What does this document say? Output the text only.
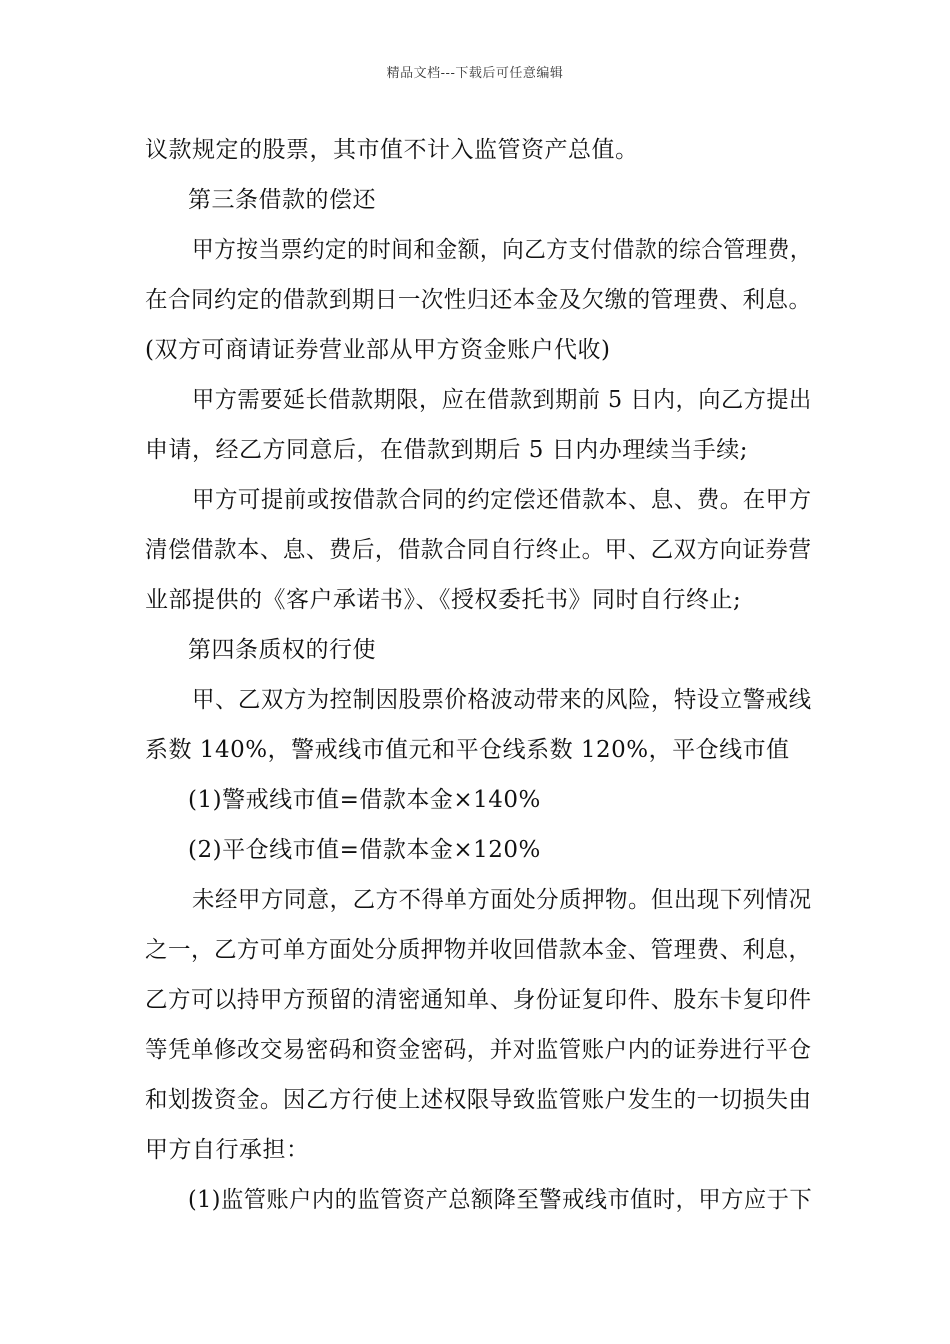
精品文档---下载后可任意编辑
议款规定的股票，其市值不计入监管资产总值。
第三条借款的偿还
甲方按当票约定的时间和金额，向乙方支付借款的综合管理费，
在合同约定的借款到期日一次性归还本金及欠缴的管理费、利息。
(双方可商请证券营业部从甲方资金账户代收)
甲方需要延长借款期限，应在借款到期前 5 日内，向乙方提出
申请，经乙方同意后，在借款到期后 5 日内办理续当手续;
甲方可提前或按借款合同的约定偿还借款本、息、费。在甲方
清偿借款本、息、费后，借款合同自行终止。甲、乙双方向证券营
业部提供的《客户承诺书》、《授权委托书》同时自行终止;
第四条质权的行使
甲、乙双方为控制因股票价格波动带来的风险，特设立警戒线
系数 140%，警戒线市值元和平仓线系数 120%，平仓线市值
(1)警戒线市值=借款本金×140%
(2)平仓线市值=借款本金×120%
未经甲方同意，乙方不得单方面处分质押物。但出现下列情况
之一，乙方可单方面处分质押物并收回借款本金、管理费、利息，
乙方可以持甲方预留的清密通知单、身份证复印件、股东卡复印件
等凭单修改交易密码和资金密码，并对监管账户内的证券进行平仓
和划拨资金。因乙方行使上述权限导致监管账户发生的一切损失由
甲方自行承担：
(1)监管账户内的监管资产总额降至警戒线市值时，甲方应于下
